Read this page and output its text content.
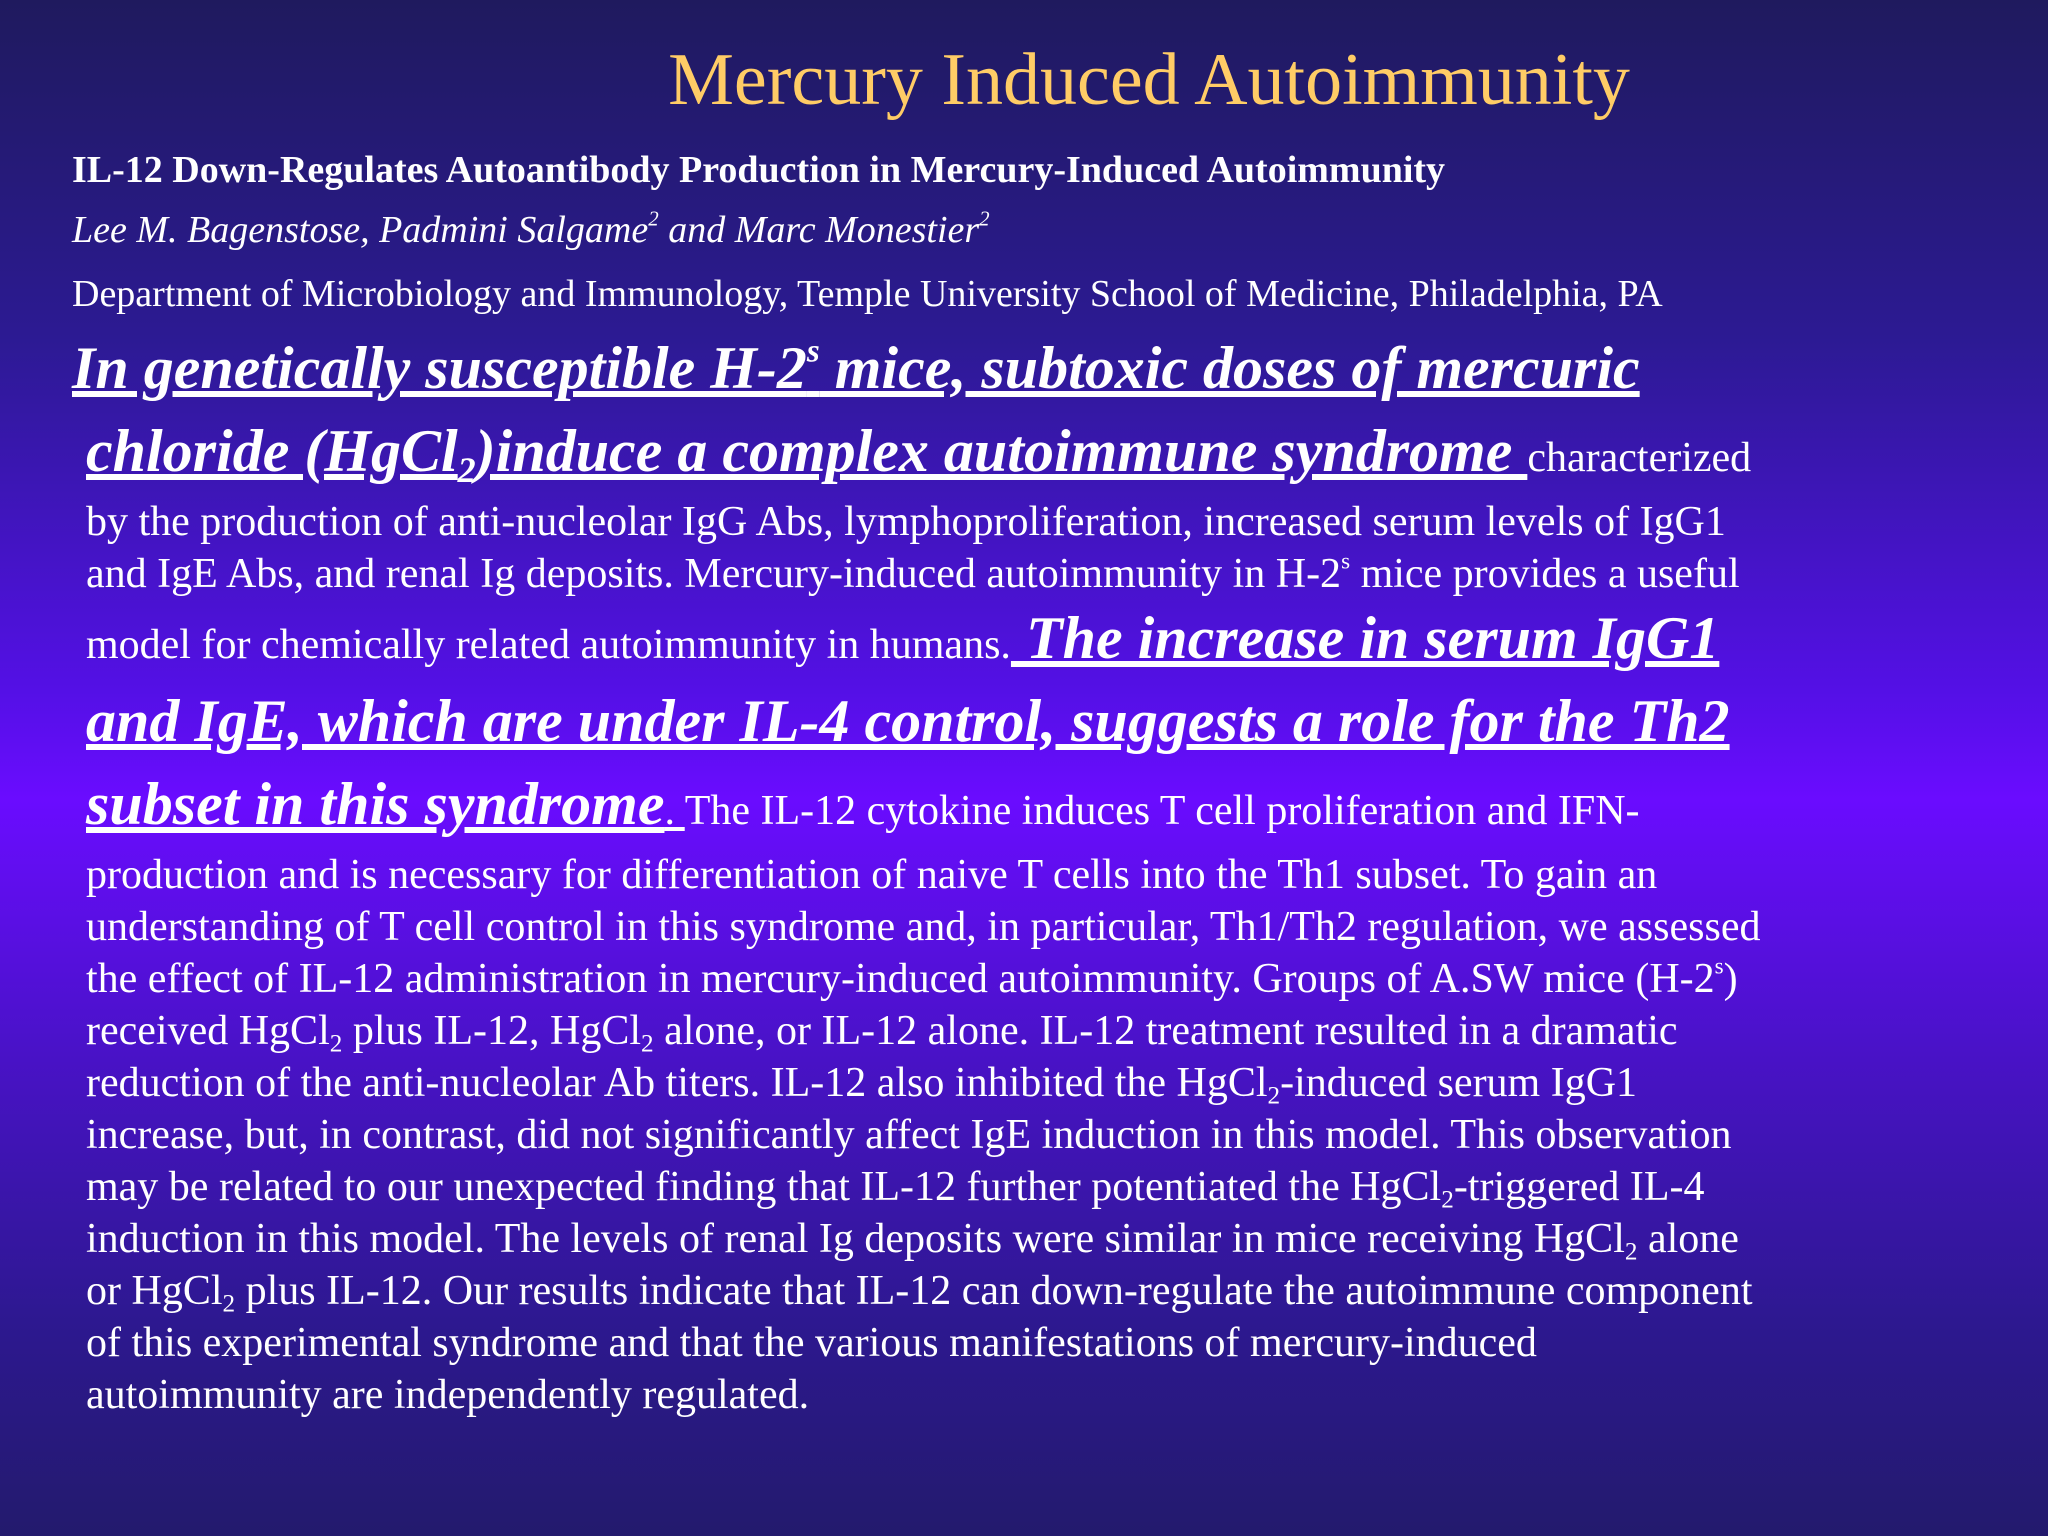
Mercury Induced Autoimmunity
IL-12 Down-Regulates Autoantibody Production in Mercury-Induced Autoimmunity
Lee M. Bagenstose, Padmini Salgame$^2$ and Marc Monestier$^2$
Department of Microbiology and Immunology, Temple University School of Medicine, Philadelphia, PA
In genetically susceptible H-2$^s$ mice, subtoxic doses of mercuric
chloride (HgCl$_2$)induce a complex autoimmune syndrome characterized
by the production of anti-nucleolar IgG Abs, lymphoproliferation, increased serum levels of IgG1
and IgE Abs, and renal Ig deposits. Mercury-induced autoimmunity in H-2$^s$ mice provides a useful
model for chemically related autoimmunity in humans. The increase in serum IgG1
and IgE, which are under IL-4 control, suggests a role for the Th2
subset in this syndrome. The IL-12 cytokine induces T cell proliferation and IFN-
production and is necessary for differentiation of naive T cells into the Th1 subset. To gain an
understanding of T cell control in this syndrome and, in particular, Th1/Th2 regulation, we assessed
the effect of IL-12 administration in mercury-induced autoimmunity. Groups of A.SW mice (H-2$^s$)
received HgCl$_2$ plus IL-12, HgCl$_2$ alone, or IL-12 alone. IL-12 treatment resulted in a dramatic
reduction of the anti-nucleolar Ab titers. IL-12 also inhibited the HgCl$_2$-induced serum IgG1
increase, but, in contrast, did not significantly affect IgE induction in this model. This observation
may be related to our unexpected finding that IL-12 further potentiated the HgCl$_2$-triggered IL-4
induction in this model. The levels of renal Ig deposits were similar in mice receiving HgCl$_2$ alone
or HgCl$_2$ plus IL-12. Our results indicate that IL-12 can down-regulate the autoimmune component
of this experimental syndrome and that the various manifestations of mercury-induced
autoimmunity are independently regulated.
